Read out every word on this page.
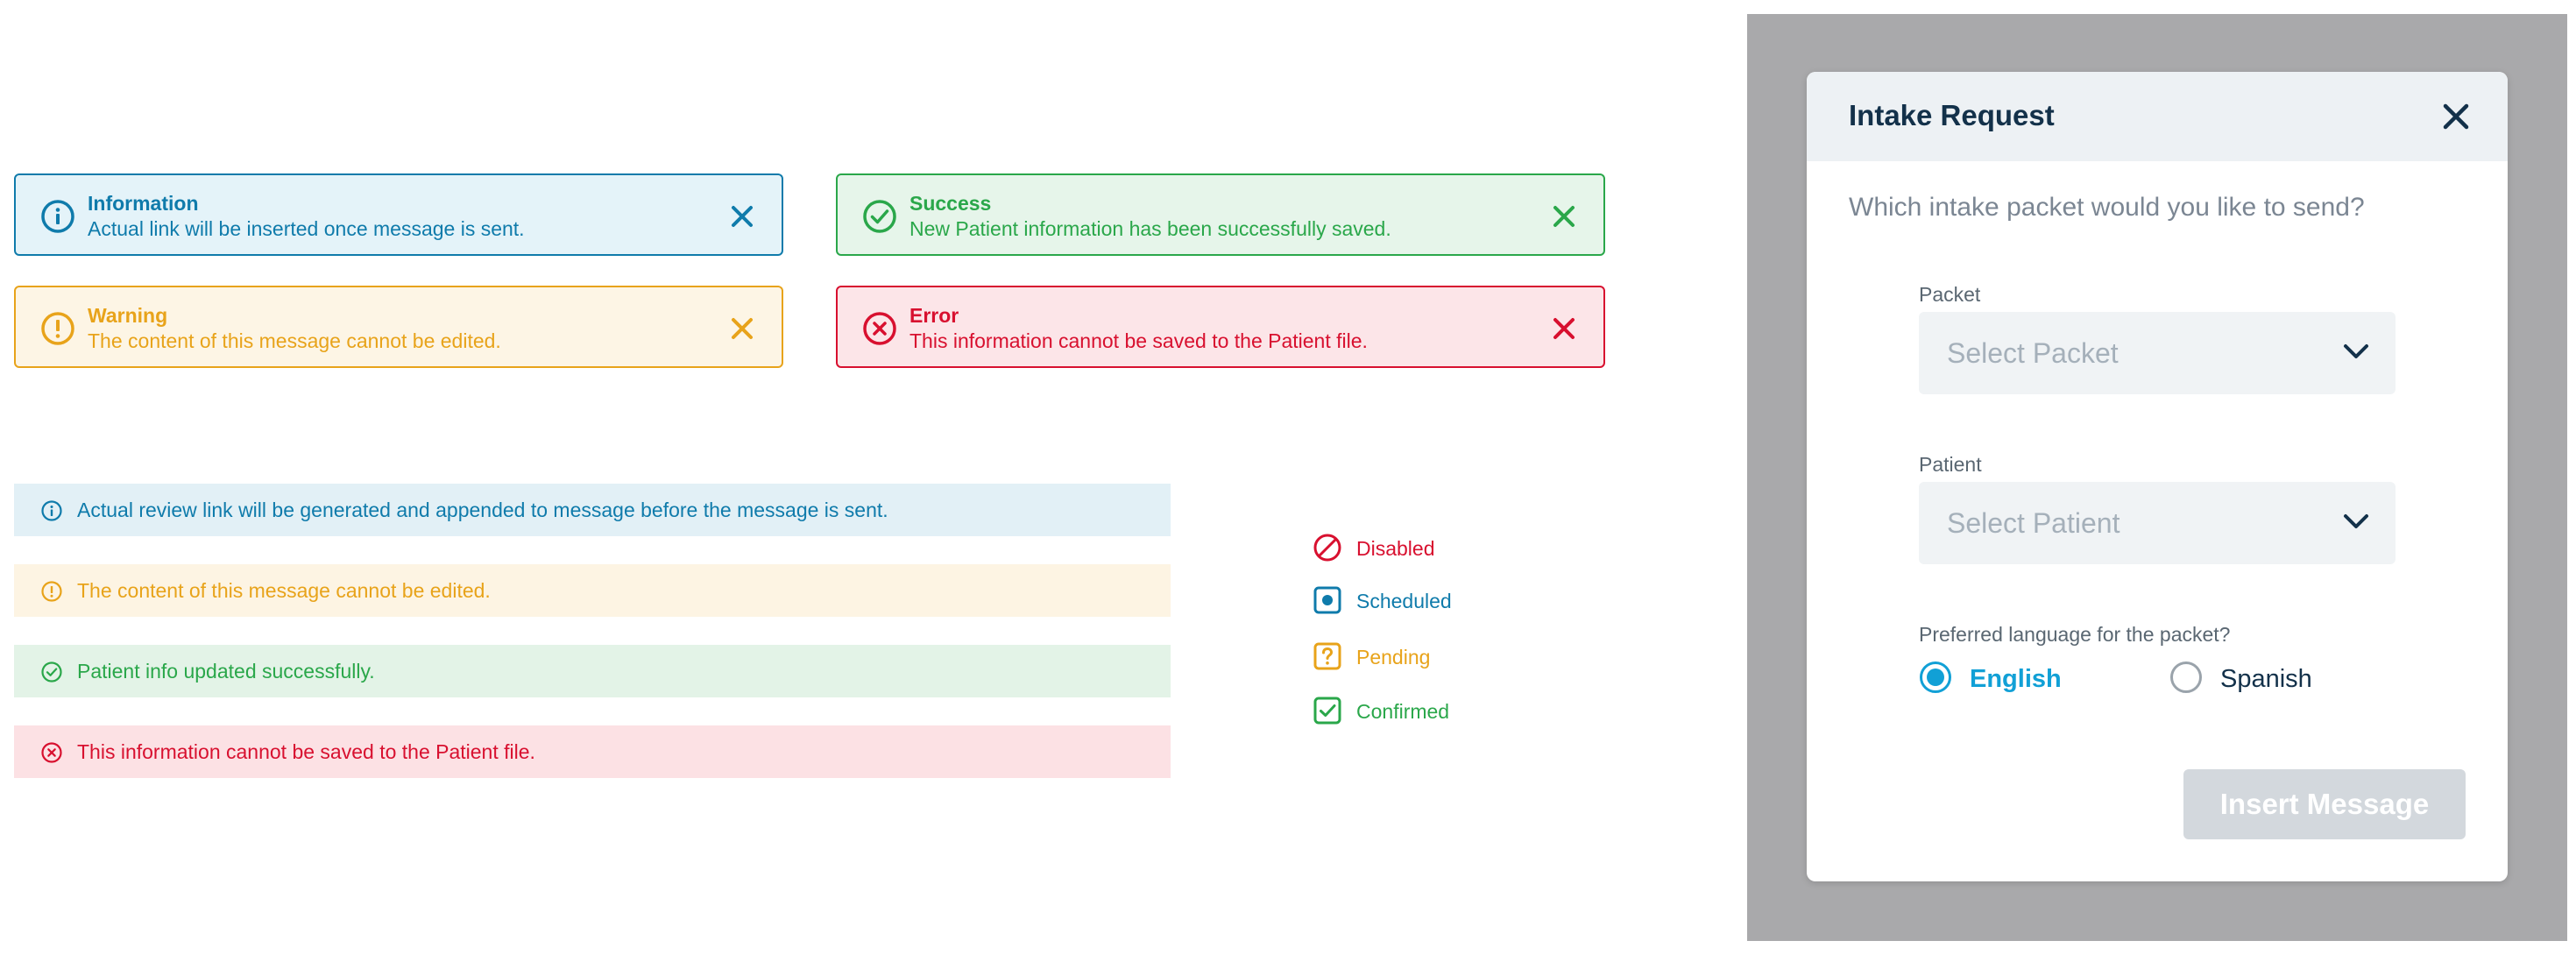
Information
Actual link will be inserted once message is sent.
Success
New Patient information has been successfully saved.
Warning
The content of this message cannot be edited.
Error
This information cannot be saved to the Patient file.
Actual review link will be generated and appended to message before the message is sent.
The content of this message cannot be edited.
Patient info updated successfully.
This information cannot be saved to the Patient file.
Disabled
Scheduled
Pending
Confirmed
Intake Request
Which intake packet would you like to send?
Packet
Select Packet
Patient
Select Patient
Preferred language for the packet?
English	Spanish
Insert Message
